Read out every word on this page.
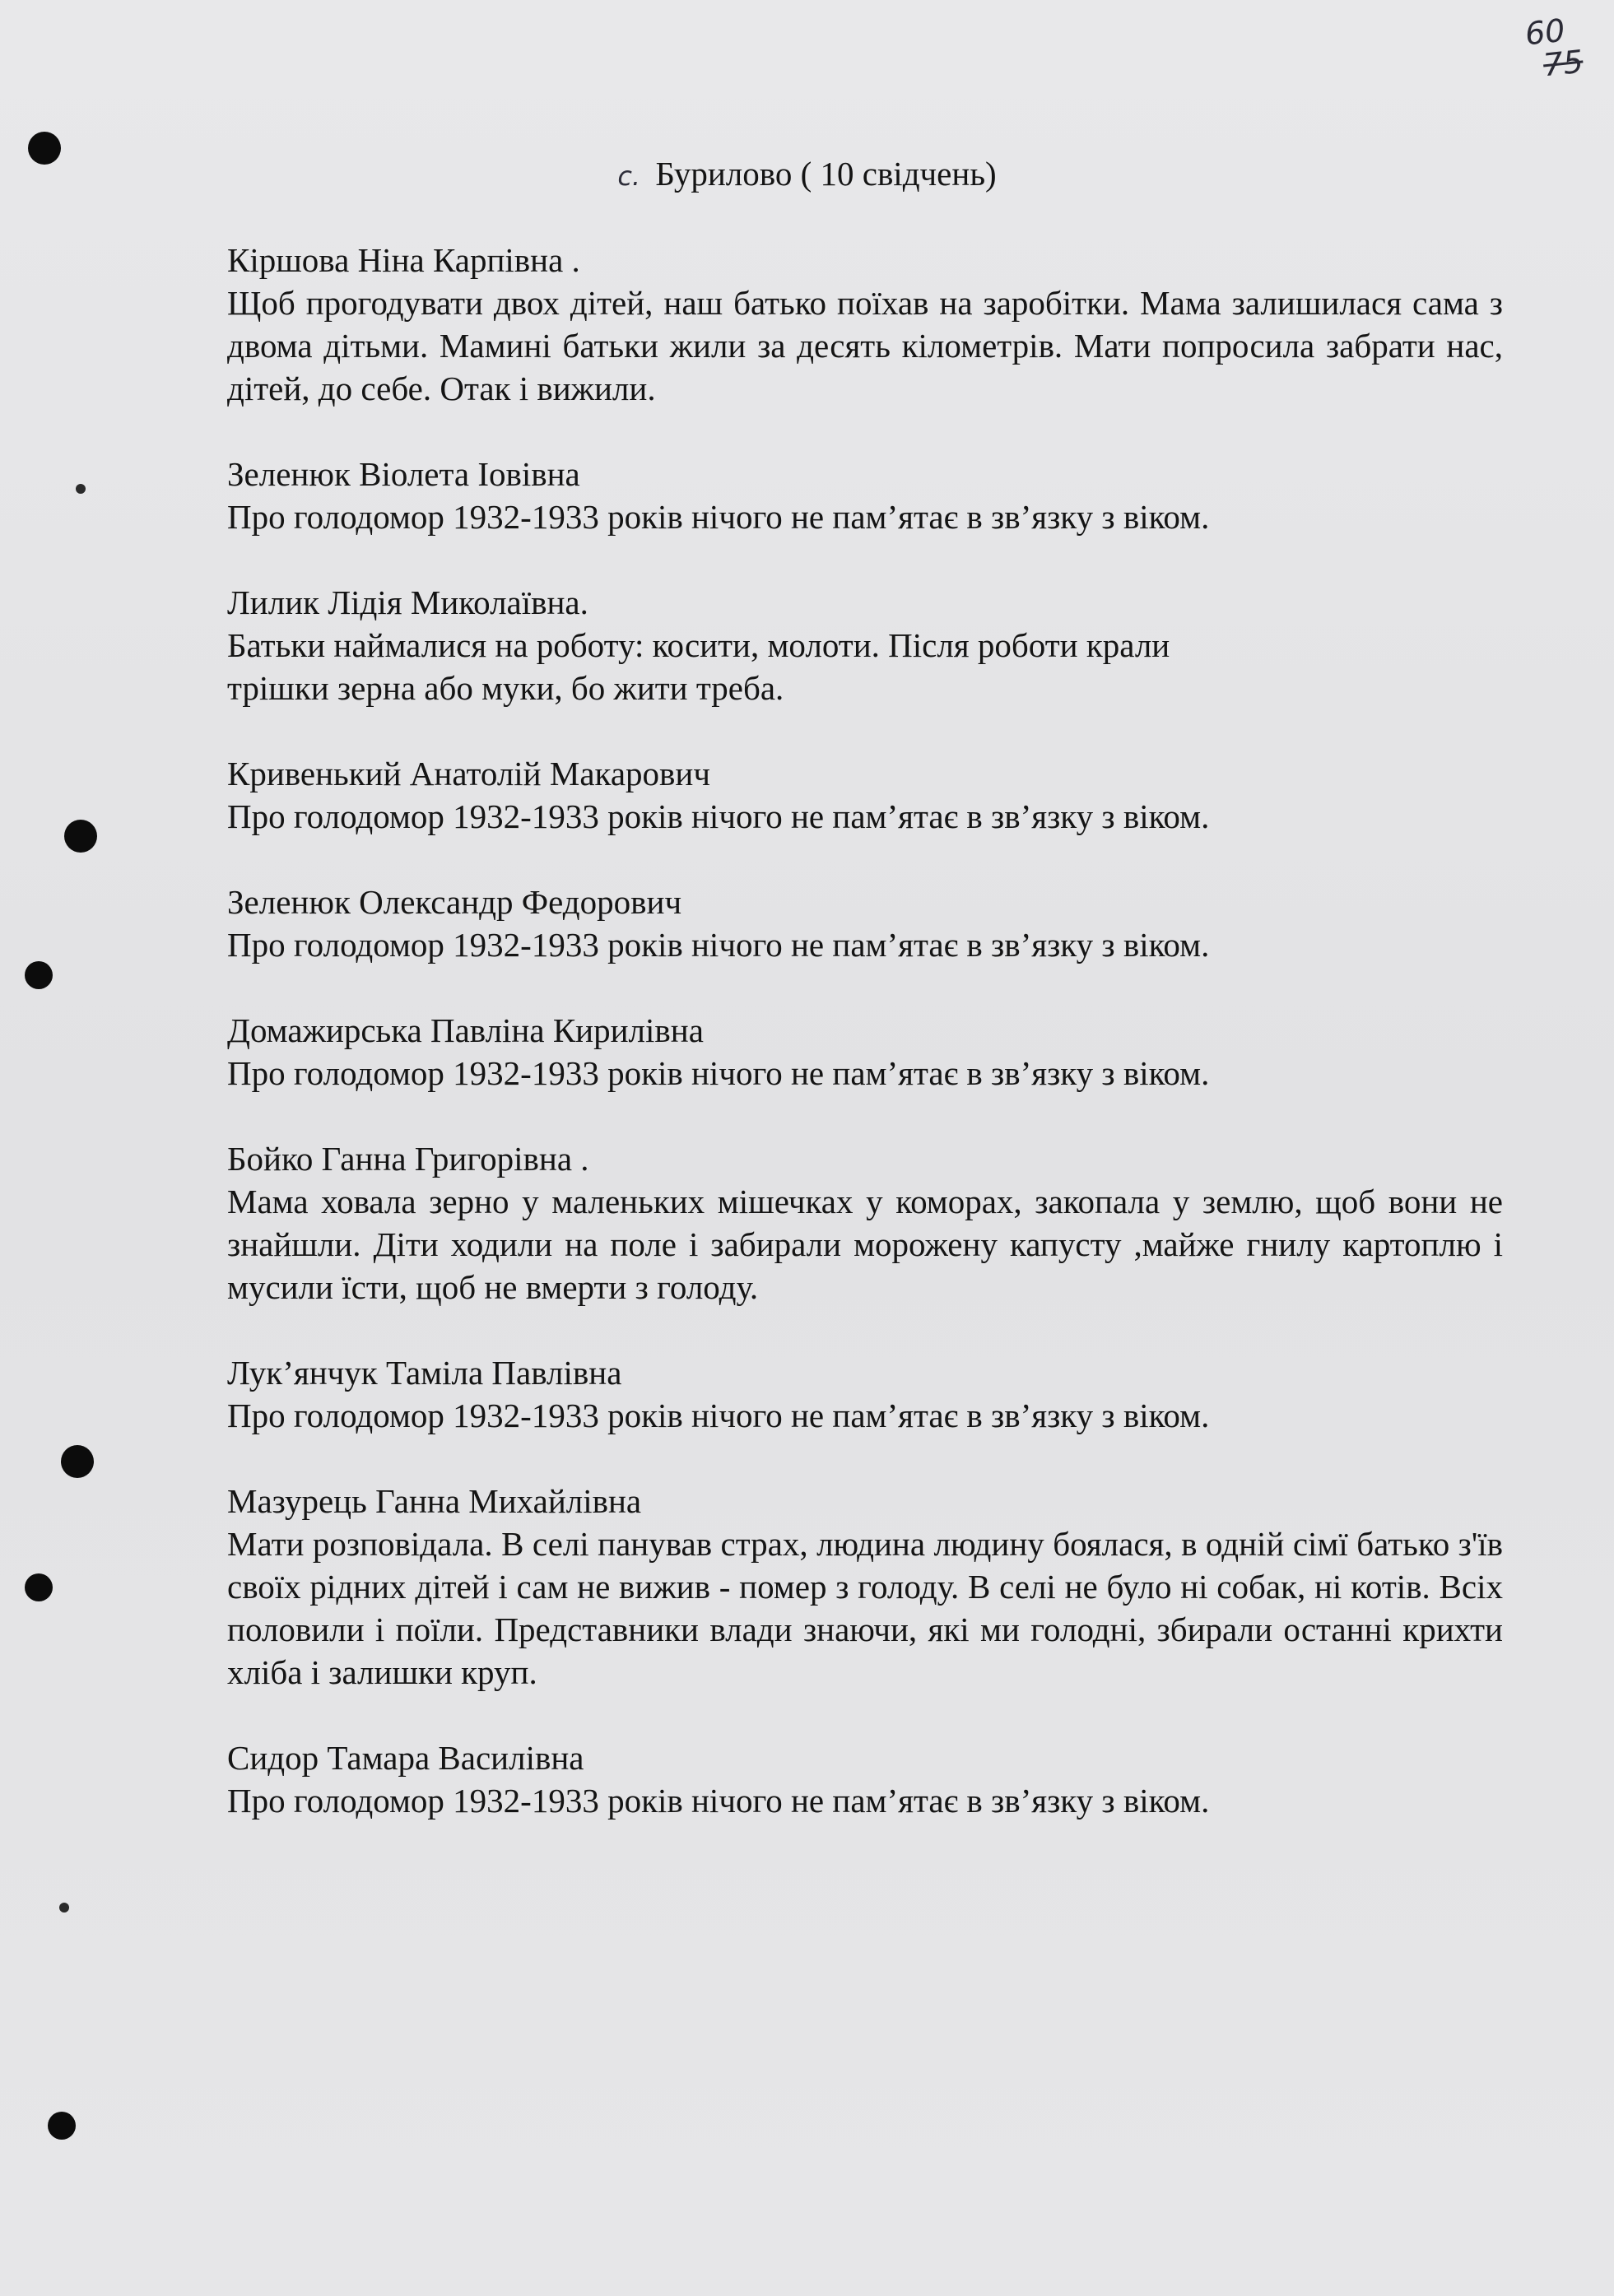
60
75
с. Бурилово ( 10 свідчень)
Кіршова Ніна Карпівна .
Щоб прогодувати двох дітей, наш батько поїхав на заробітки. Мама залишилася сама з двома дітьми. Мамині батьки жили за десять кілометрів. Мати попросила забрати нас, дітей, до себе. Отак і вижили.
Зеленюк Віолета Іовівна
Про голодомор 1932-1933 років нічого не пам’ятає в зв’язку з віком.
Лилик Лідія Миколаївна.
Батьки наймалися на роботу: косити, молоти. Після роботи крали
трішки зерна або муки, бо жити треба.
Кривенький Анатолій Макарович
Про голодомор 1932-1933 років нічого не пам’ятає в зв’язку з віком.
Зеленюк Олександр Федорович
Про голодомор 1932-1933 років нічого не пам’ятає в зв’язку з віком.
Домажирська Павліна Кирилівна
Про голодомор 1932-1933 років нічого не пам’ятає в зв’язку з віком.
Бойко Ганна Григорівна .
Мама ховала зерно у маленьких мішечках у коморах, закопала у землю, щоб вони не знайшли. Діти ходили на поле і забирали морожену капусту ,майже гнилу картоплю і мусили їсти, щоб не вмерти з голоду.
Лук’янчук Таміла Павлівна
Про голодомор 1932-1933 років нічого не пам’ятає в зв’язку з віком.
Мазурець Ганна Михайлівна
Мати розповідала. В селі панував страх, людина людину боялася, в одній сімї батько з'їв своїх рідних дітей і сам не вижив - помер з голоду. В селі не було ні собак, ні котів. Всіх половили і поїли. Представники влади знаючи, які ми голодні, збирали останні крихти хліба і залишки круп.
Сидор Тамара Василівна
Про голодомор 1932-1933 років нічого не пам’ятає в зв’язку з віком.
